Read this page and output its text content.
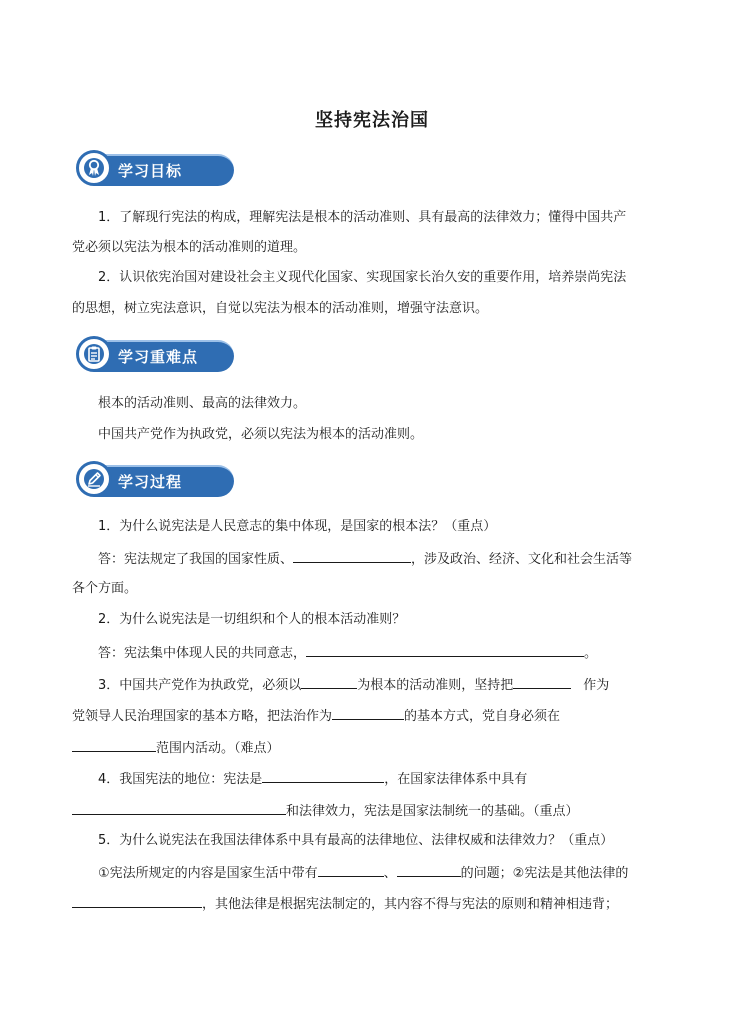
坚持宪法治国
学习目标
1．了解现行宪法的构成，理解宪法是根本的活动准则、具有最高的法律效力；懂得中国共产
党必须以宪法为根本的活动准则的道理。
2．认识依宪治国对建设社会主义现代化国家、实现国家长治久安的重要作用，培养崇尚宪法
的思想，树立宪法意识，自觉以宪法为根本的活动准则，增强守法意识。
学习重难点
根本的活动准则、最高的法律效力。
中国共产党作为执政党，必须以宪法为根本的活动准则。
学习过程
1．为什么说宪法是人民意志的集中体现，是国家的根本法？（重点）
答：宪法规定了我国的国家性质、	，涉及政治、经济、文化和社会生活等
各个方面。
2．为什么说宪法是一切组织和个人的根本活动准则？
答：宪法集中体现人民的共同意志，	。
3．中国共产党作为执政党，必须以	为根本的活动准则，坚持把	作为
党领导人民治理国家的基本方略，把法治作为	的基本方式，党自身必须在
范围内活动。（难点）
4．我国宪法的地位：宪法是	，在国家法律体系中具有
和法律效力，宪法是国家法制统一的基础。（重点）
5．为什么说宪法在我国法律体系中具有最高的法律地位、法律权威和法律效力？（重点）
①宪法所规定的内容是国家生活中带有	、	的问题；②宪法是其他法律的
，其他法律是根据宪法制定的，其内容不得与宪法的原则和精神相违背；
